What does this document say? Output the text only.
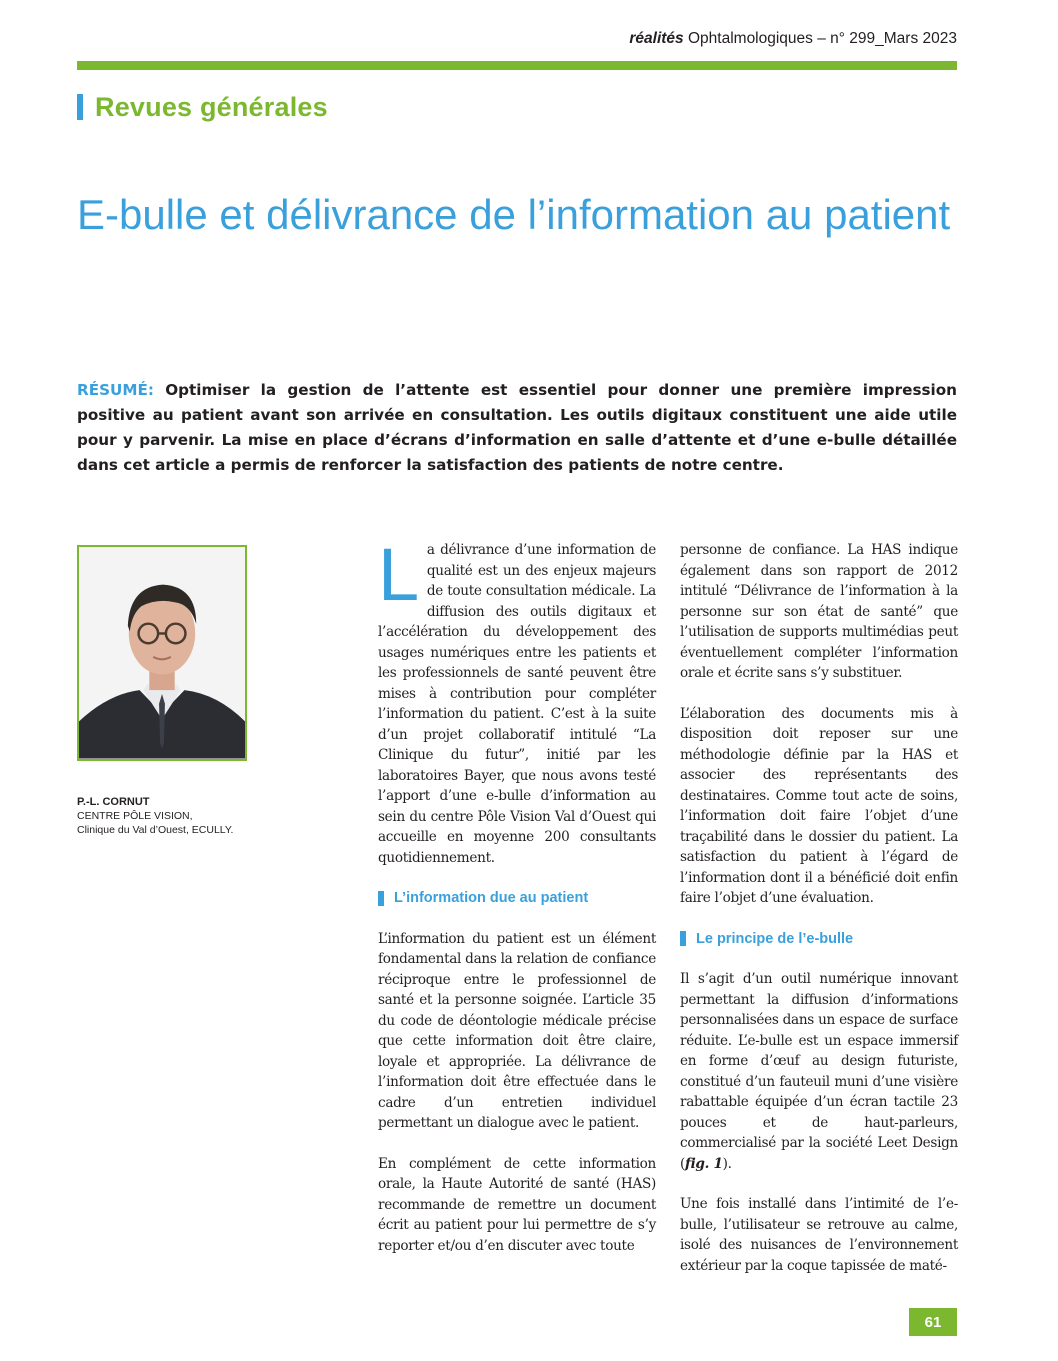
réalités Ophtalmologiques – n° 299_Mars 2023
Revues générales
E-bulle et délivrance de l’information au patient

RÉSUMÉ: Optimiser la gestion de l’attente est essentiel pour donner une première impression positive au patient avant son arrivée en consultation. Les outils digitaux constituent une aide utile pour y parvenir. La mise en place d’écrans d’information en salle d’attente et d’une e-bulle détaillée dans cet article a permis de renforcer la satisfaction des patients de notre centre.

P.-L. CORNUT
CENTRE PÔLE VISION,
Clinique du Val d’Ouest, ECULLY.

La délivrance d’une information de qualité est un des enjeux majeurs de toute consultation médicale. La diffusion des outils digitaux et l’accélération du développement des usages numériques entre les patients et les professionnels de santé peuvent être mises à contribution pour compléter l’information du patient. C’est à la suite d’un projet collaboratif intitulé “La Clinique du futur”, initié par les laboratoires Bayer, que nous avons testé l’apport d’une e-bulle d’information au sein du centre Pôle Vision Val d’Ouest qui accueille en moyenne 200 consultants quotidiennement.

L’information due au patient

L’information du patient est un élément fondamental dans la relation de confiance réciproque entre le professionnel de santé et la personne soignée. L’article 35 du code de déontologie médicale précise que cette information doit être claire, loyale et appropriée. La délivrance de l’information doit être effectuée dans le cadre d’un entretien individuel permettant un dialogue avec le patient.

En complément de cette information orale, la Haute Autorité de santé (HAS) recommande de remettre un document écrit au patient pour lui permettre de s’y reporter et/ou d’en discuter avec toute

personne de confiance. La HAS indique également dans son rapport de 2012 intitulé “Délivrance de l’information à la personne sur son état de santé” que l’utilisation de supports multimédias peut éventuellement compléter l’information orale et écrite sans s’y substituer.

L’élaboration des documents mis à disposition doit reposer sur une méthodologie définie par la HAS et associer des représentants des destinataires. Comme tout acte de soins, l’information doit faire l’objet d’une traçabilité dans le dossier du patient. La satisfaction du patient à l’égard de l’information dont il a bénéficié doit enfin faire l’objet d’une évaluation.

Le principe de l’e-bulle

Il s’agit d’un outil numérique innovant permettant la diffusion d’informations personnalisées dans un espace de surface réduite. L’e-bulle est un espace immersif en forme d’œuf au design futuriste, constitué d’un fauteuil muni d’une visière rabattable équipée d’un écran tactile 23 pouces et de haut-parleurs, commercialisé par la société Leet Design (fig. 1).

Une fois installé dans l’intimité de l’e-bulle, l’utilisateur se retrouve au calme, isolé des nuisances de l’environnement extérieur par la coque tapissée de maté-

61
